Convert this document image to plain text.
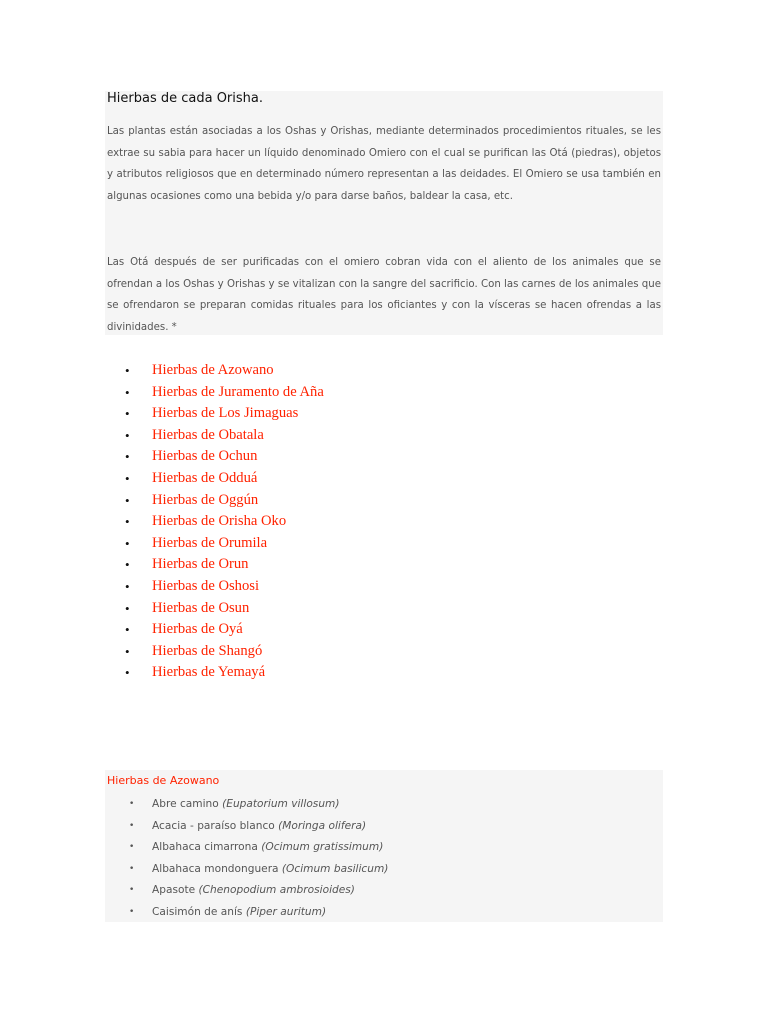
Hierbas de cada Orisha.

Las plantas están asociadas a los Oshas y Orishas, mediante determinados procedimientos rituales, se les extrae su sabia para hacer un líquido denominado Omiero con el cual se purifican las Otá (piedras), objetos y atributos religiosos que en determinado número representan a las deidades. El Omiero se usa también en algunas ocasiones como una bebida y/o para darse baños, baldear la casa, etc.

Las Otá después de ser purificadas con el omiero cobran vida con el aliento de los animales que se ofrendan a los Oshas y Orishas y se vitalizan con la sangre del sacrificio. Con las carnes de los animales que se ofrendaron se preparan comidas rituales para los oficiantes y con la vísceras se hacen ofrendas a las divinidades. *

• Hierbas de Azowano
• Hierbas de Juramento de Aña
• Hierbas de Los Jimaguas
• Hierbas de Obatala
• Hierbas de Ochun
• Hierbas de Odduá
• Hierbas de Oggún
• Hierbas de Orisha Oko
• Hierbas de Orumila
• Hierbas de Orun
• Hierbas de Oshosi
• Hierbas de Osun
• Hierbas de Oyá
• Hierbas de Shangó
• Hierbas de Yemayá
Hierbas de Azowano
• Abre camino (Eupatorium villosum)
• Acacia - paraíso blanco (Moringa olifera)
• Albahaca cimarrona (Ocimum gratissimum)
• Albahaca mondonguera (Ocimum basilicum)
• Apasote (Chenopodium ambrosioides)
• Caisimón de anís (Piper auritum)
